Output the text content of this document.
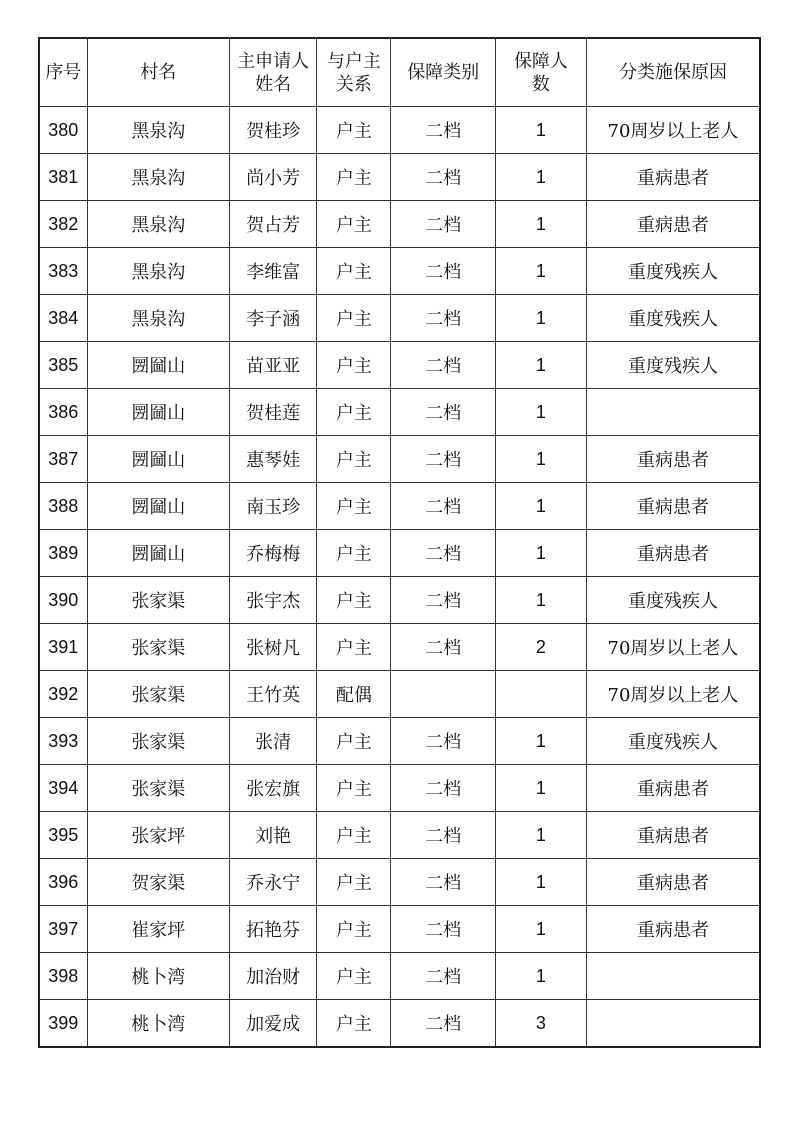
序号	村名	主申请人姓名	与户主关系	保障类别	保障人数	分类施保原因
380	黑泉沟	贺桂珍	户主	二档	1	70周岁以上老人
381	黑泉沟	尚小芳	户主	二档	1	重病患者
382	黑泉沟	贺占芳	户主	二档	1	重病患者
383	黑泉沟	李维富	户主	二档	1	重度残疾人
384	黑泉沟	李子涵	户主	二档	1	重度残疾人
385	圐圙山	苗亚亚	户主	二档	1	重度残疾人
386	圐圙山	贺桂莲	户主	二档	1	
387	圐圙山	惠琴娃	户主	二档	1	重病患者
388	圐圙山	南玉珍	户主	二档	1	重病患者
389	圐圙山	乔梅梅	户主	二档	1	重病患者
390	张家渠	张宇杰	户主	二档	1	重度残疾人
391	张家渠	张树凡	户主	二档	2	70周岁以上老人
392	张家渠	王竹英	配偶			70周岁以上老人
393	张家渠	张清	户主	二档	1	重度残疾人
394	张家渠	张宏旗	户主	二档	1	重病患者
395	张家坪	刘艳	户主	二档	1	重病患者
396	贺家渠	乔永宁	户主	二档	1	重病患者
397	崔家坪	拓艳芬	户主	二档	1	重病患者
398	桃卜湾	加治财	户主	二档	1	
399	桃卜湾	加爱成	户主	二档	3	
